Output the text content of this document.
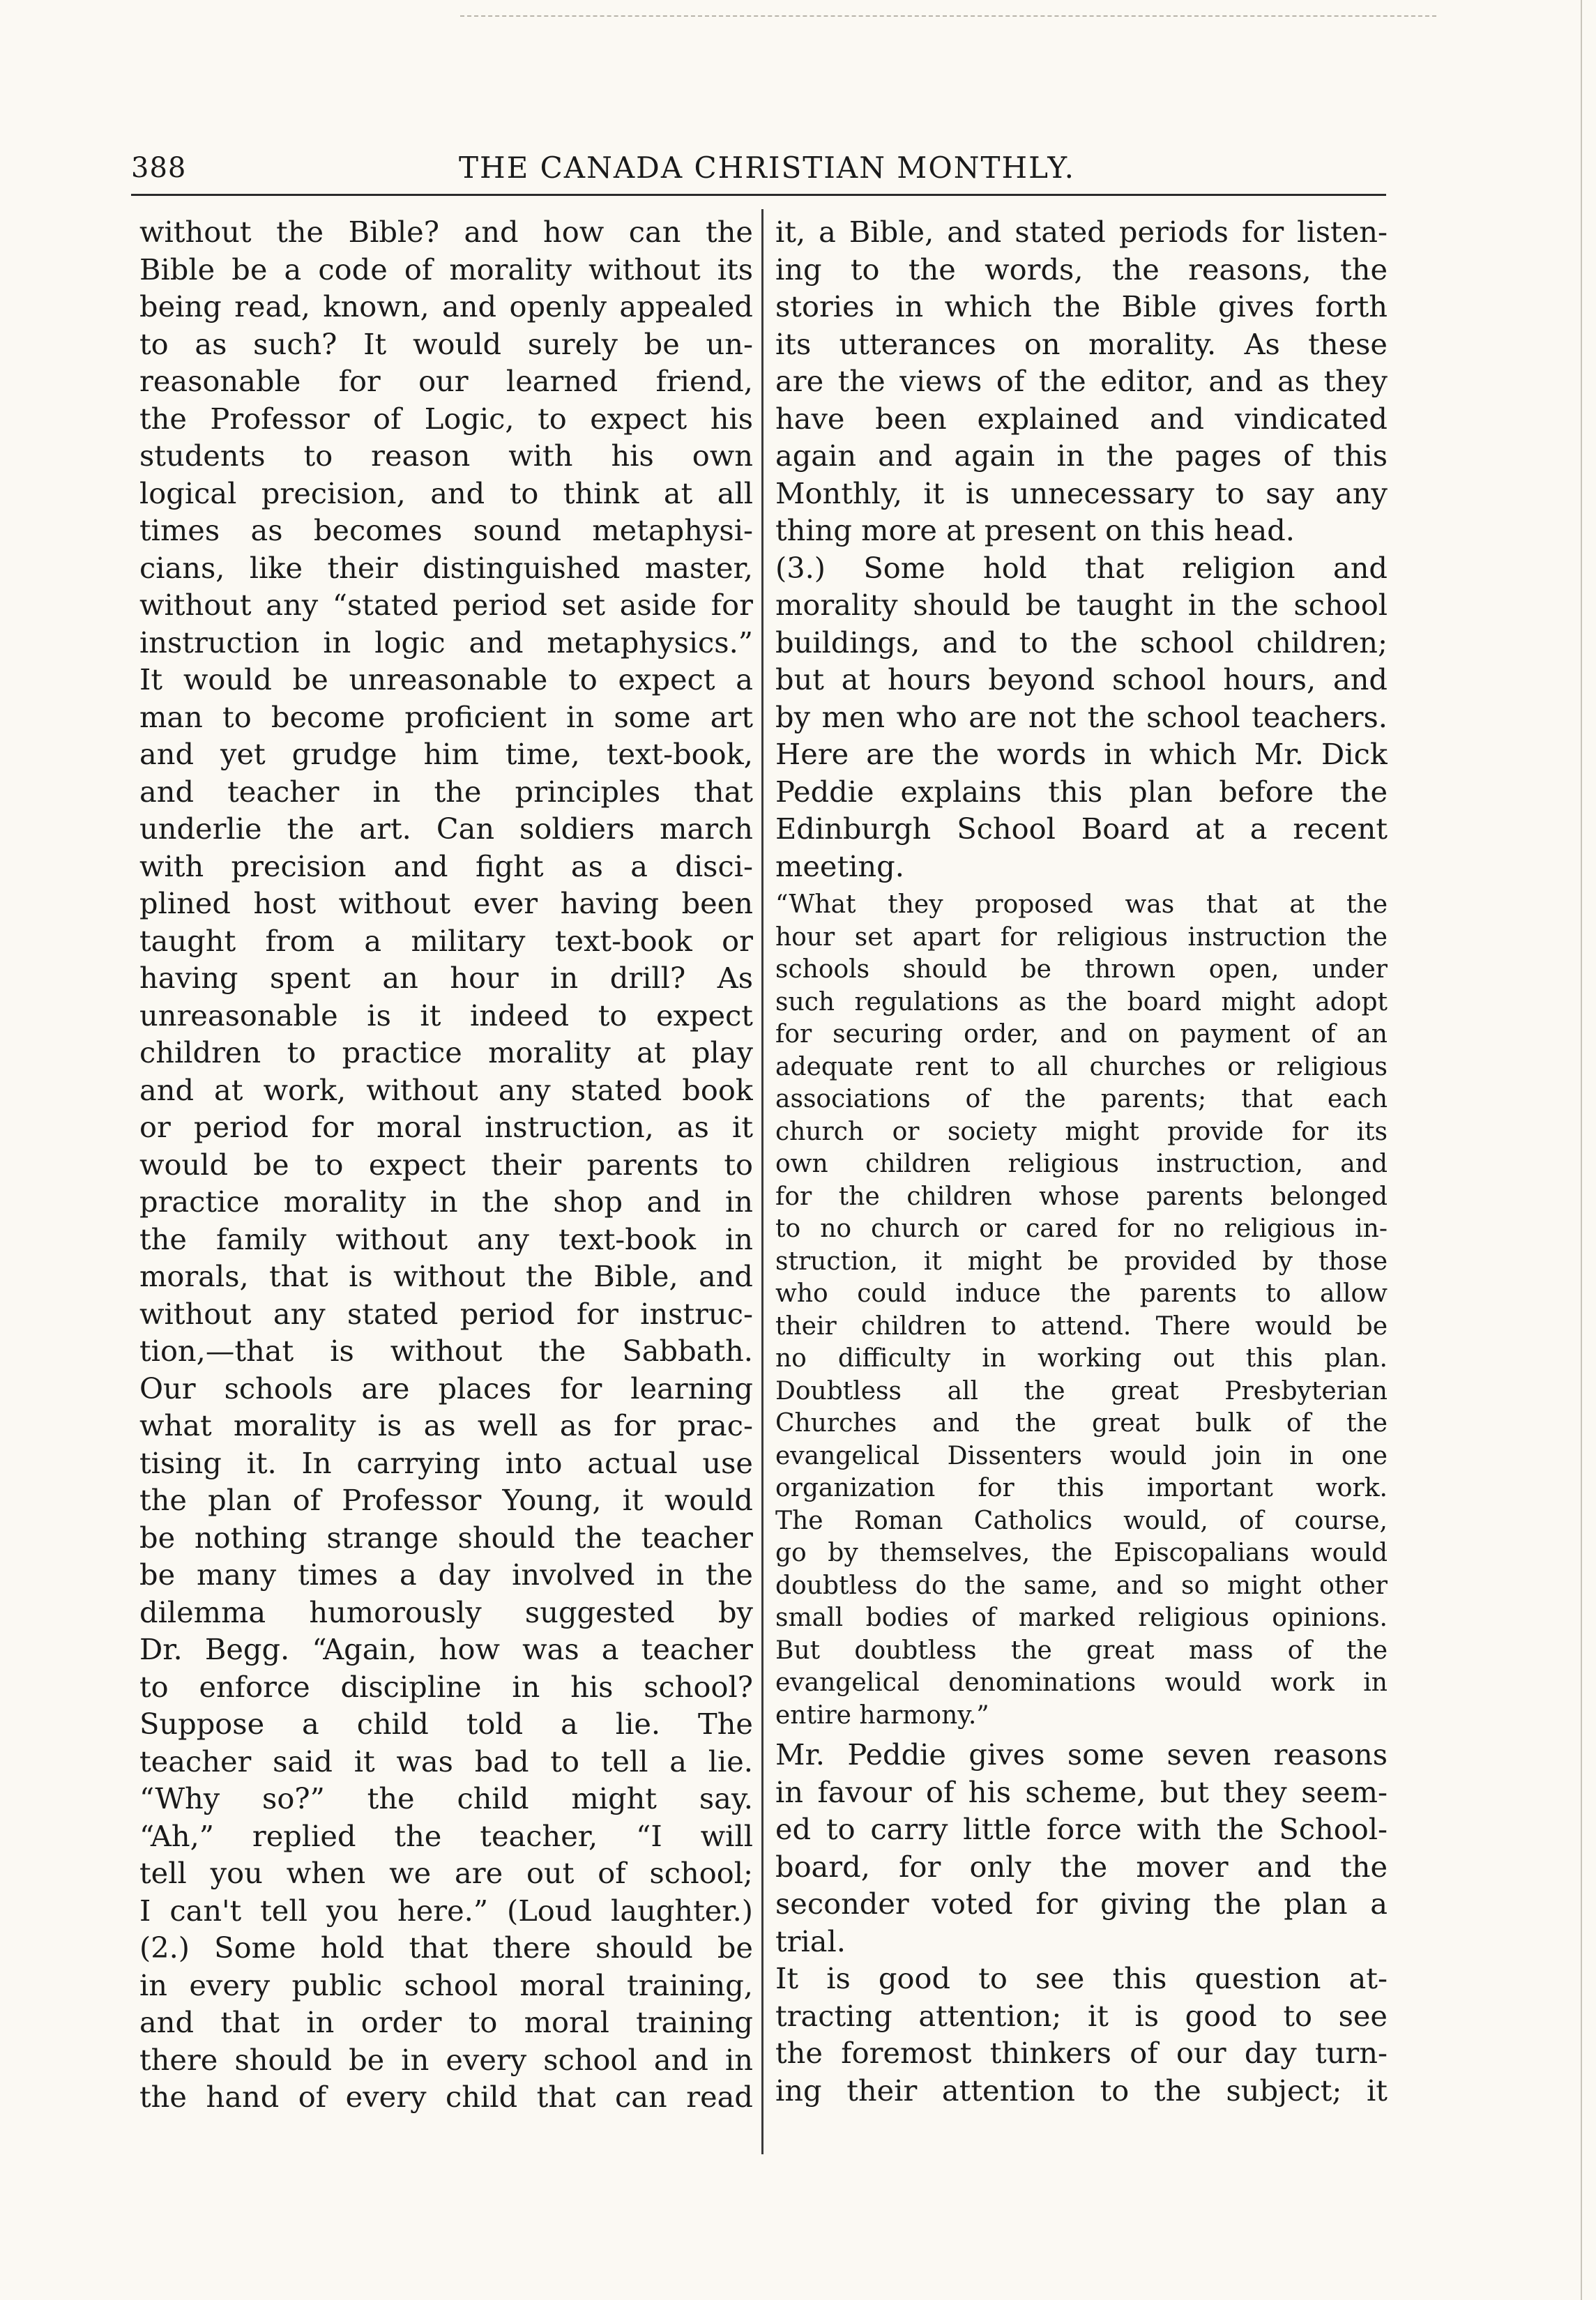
388	THE CANADA CHRISTIAN MONTHLY.
without the Bible? and how can the
Bible be a code of morality without its
being read, known, and openly appealed
to as such? It would surely be un-
reasonable for our learned friend,
the Professor of Logic, to expect his
students to reason with his own
logical precision, and to think at all
times as becomes sound metaphysi-
cians, like their distinguished master,
without any “stated period set aside for
instruction in logic and metaphysics.”
It would be unreasonable to expect a
man to become proficient in some art
and yet grudge him time, text-book,
and teacher in the principles that
underlie the art. Can soldiers march
with precision and fight as a disci-
plined host without ever having been
taught from a military text-book or
having spent an hour in drill? As
unreasonable is it indeed to expect
children to practice morality at play
and at work, without any stated book
or period for moral instruction, as it
would be to expect their parents to
practice morality in the shop and in
the family without any text-book in
morals, that is without the Bible, and
without any stated period for instruc-
tion,—that is without the Sabbath.
Our schools are places for learning
what morality is as well as for prac-
tising it. In carrying into actual use
the plan of Professor Young, it would
be nothing strange should the teacher
be many times a day involved in the
dilemma humorously suggested by
Dr. Begg. “Again, how was a teacher
to enforce discipline in his school?
Suppose a child told a lie. The
teacher said it was bad to tell a lie.
“Why so?” the child might say.
“Ah,” replied the teacher, “I will
tell you when we are out of school;
I can't tell you here.” (Loud laughter.)
(2.) Some hold that there should be
in every public school moral training,
and that in order to moral training
there should be in every school and in
the hand of every child that can read
it, a Bible, and stated periods for listen-
ing to the words, the reasons, the
stories in which the Bible gives forth
its utterances on morality. As these
are the views of the editor, and as they
have been explained and vindicated
again and again in the pages of this
Monthly, it is unnecessary to say any
thing more at present on this head.
(3.) Some hold that religion and
morality should be taught in the school
buildings, and to the school children;
but at hours beyond school hours, and
by men who are not the school teachers.
Here are the words in which Mr. Dick
Peddie explains this plan before the
Edinburgh School Board at a recent
meeting.
“What they proposed was that at the
hour set apart for religious instruction the
schools should be thrown open, under
such regulations as the board might adopt
for securing order, and on payment of an
adequate rent to all churches or religious
associations of the parents; that each
church or society might provide for its
own children religious instruction, and
for the children whose parents belonged
to no church or cared for no religious in-
struction, it might be provided by those
who could induce the parents to allow
their children to attend. There would be
no difficulty in working out this plan.
Doubtless all the great Presbyterian
Churches and the great bulk of the
evangelical Dissenters would join in one
organization for this important work.
The Roman Catholics would, of course,
go by themselves, the Episcopalians would
doubtless do the same, and so might other
small bodies of marked religious opinions.
But doubtless the great mass of the
evangelical denominations would work in
entire harmony.”
Mr. Peddie gives some seven reasons
in favour of his scheme, but they seem-
ed to carry little force with the School-
board, for only the mover and the
seconder voted for giving the plan a
trial.
It is good to see this question at-
tracting attention; it is good to see
the foremost thinkers of our day turn-
ing their attention to the subject; it
